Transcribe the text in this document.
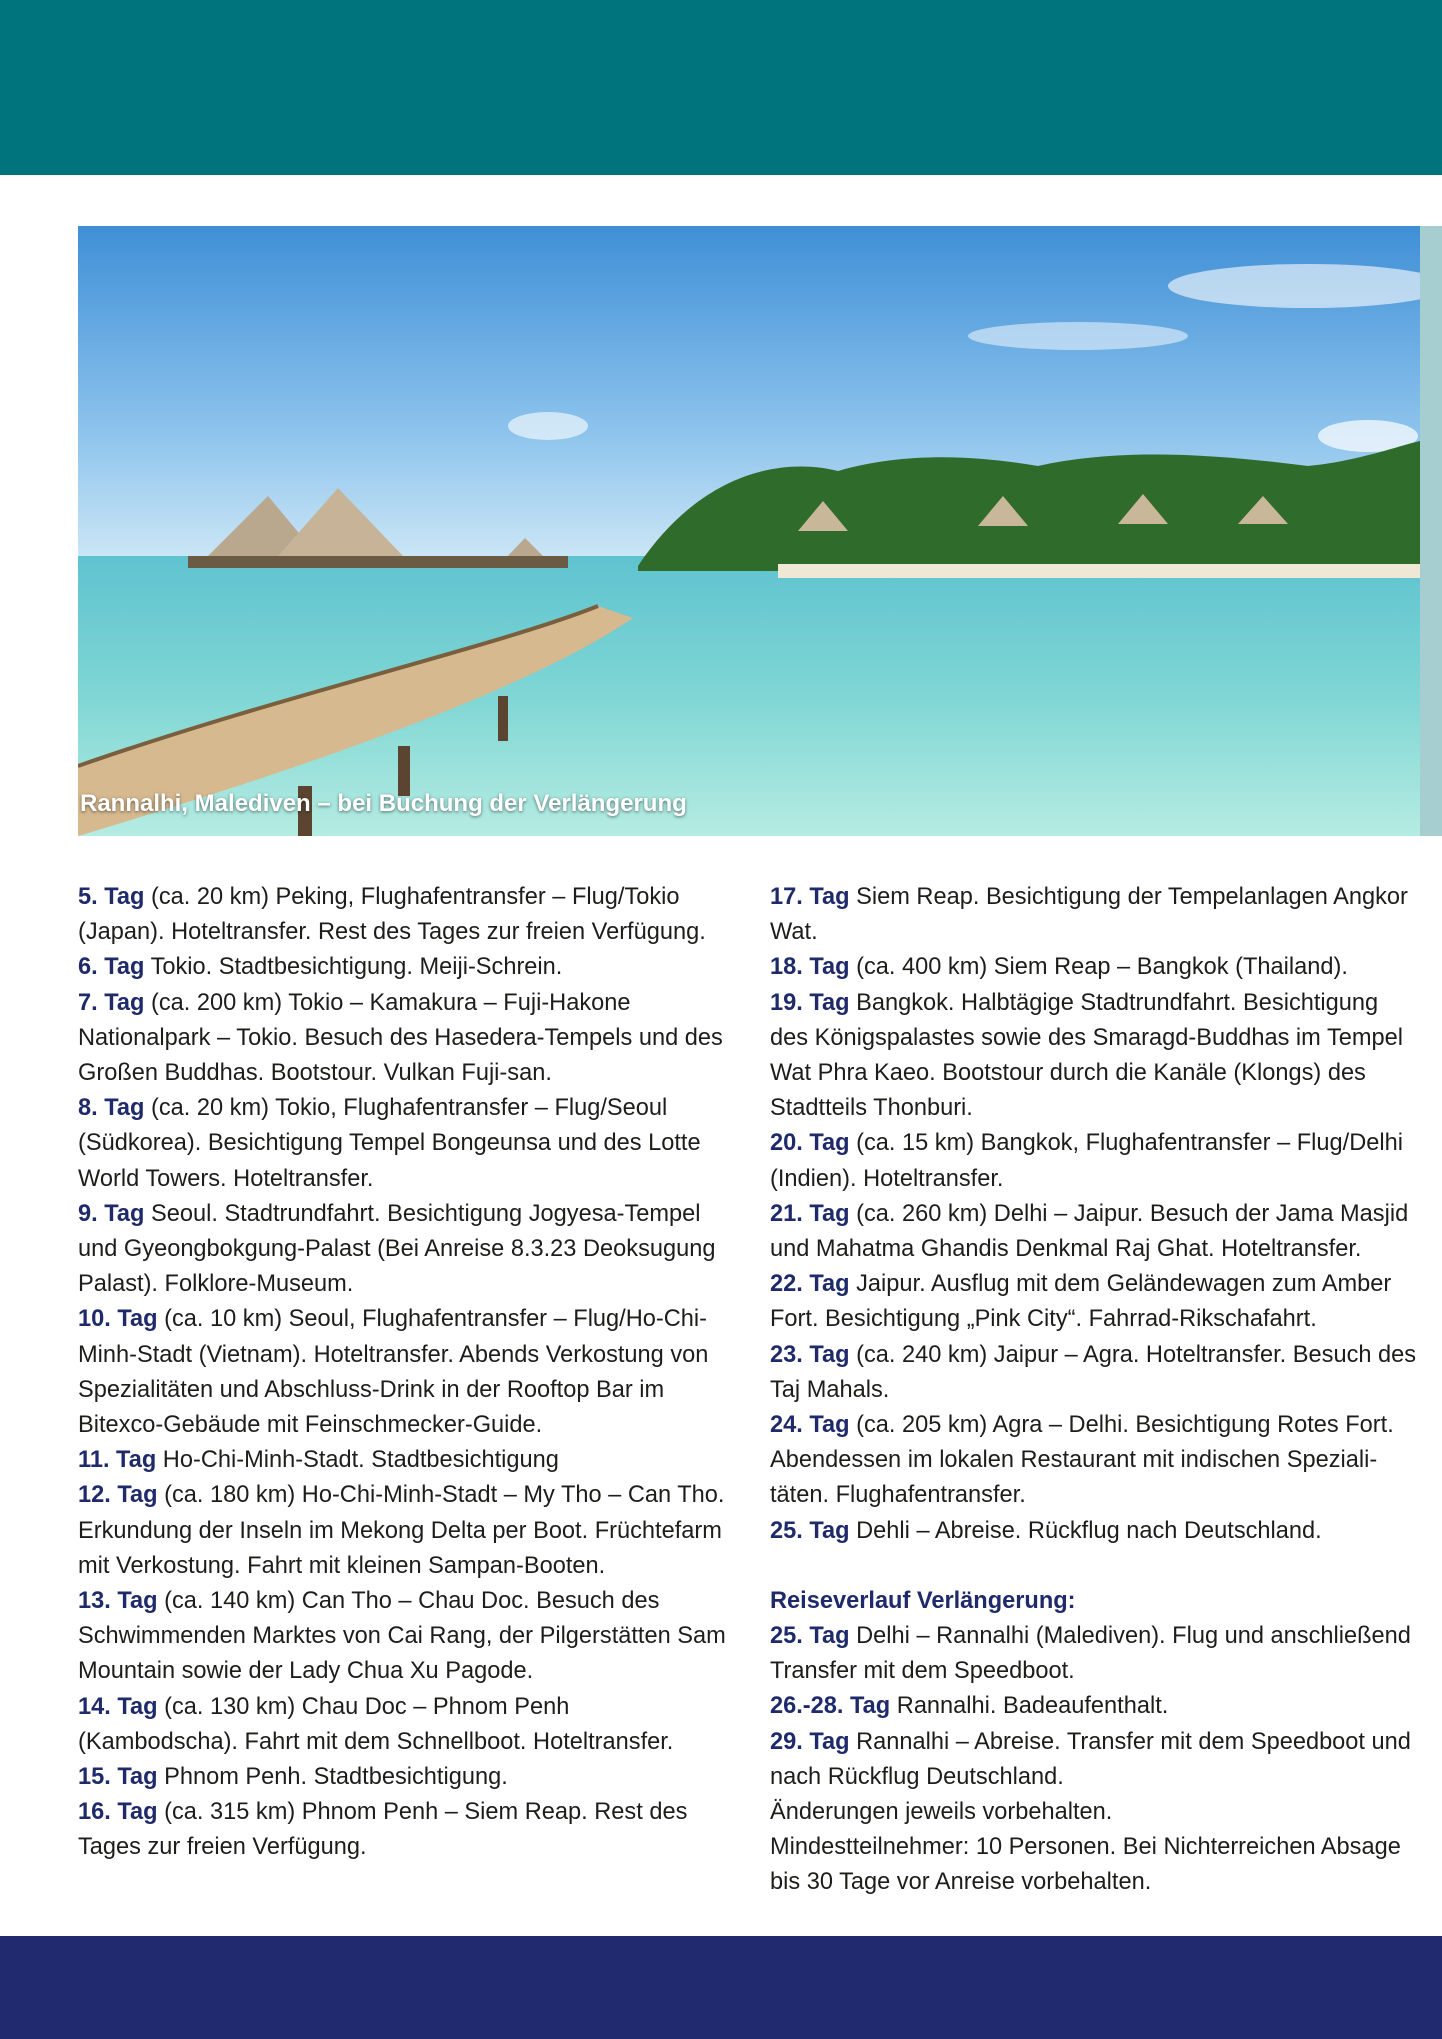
Rannalhi, Malediven – bei Buchung der Verlängerung

5. Tag (ca. 20 km) Peking, Flughafentransfer – Flug/Tokio (Japan). Hoteltransfer. Rest des Tages zur freien Verfügung.

6. Tag Tokio. Stadtbesichtigung. Meiji-Schrein.

7. Tag (ca. 200 km) Tokio – Kamakura – Fuji-Hakone Nationalpark – Tokio. Besuch des Hasedera-Tempels und des Großen Buddhas. Bootstour. Vulkan Fuji-san.

8. Tag (ca. 20 km) Tokio, Flughafentransfer – Flug/Seoul (Südkorea). Besichtigung Tempel Bongeunsa und des Lotte World Towers. Hoteltransfer.

9. Tag Seoul. Stadtrundfahrt. Besichtigung Jogyesa-Tempel und Gyeongbokgung-Palast (Bei Anreise 8.3.23 Deoksugung Palast). Folklore-Museum.

10. Tag (ca. 10 km) Seoul, Flughafentransfer – Flug/Ho-Chi-Minh-Stadt (Vietnam). Hoteltransfer. Abends Verkostung von Spezialitäten und Abschluss-Drink in der Rooftop Bar im Bitexco-Gebäude mit Feinschmecker-Guide.

11. Tag Ho-Chi-Minh-Stadt. Stadtbesichtigung

12. Tag (ca. 180 km) Ho-Chi-Minh-Stadt – My Tho – Can Tho. Erkundung der Inseln im Mekong Delta per Boot. Früchtefarm mit Verkostung. Fahrt mit kleinen Sampan-Booten.

13. Tag (ca. 140 km) Can Tho – Chau Doc. Besuch des Schwimmenden Marktes von Cai Rang, der Pilgerstätten Sam Mountain sowie der Lady Chua Xu Pagode.

14. Tag (ca. 130 km) Chau Doc – Phnom Penh (Kambodscha). Fahrt mit dem Schnellboot. Hoteltransfer.

15. Tag Phnom Penh. Stadtbesichtigung.

16. Tag (ca. 315 km) Phnom Penh – Siem Reap. Rest des Tages zur freien Verfügung.

17. Tag Siem Reap. Besichtigung der Tempelanlagen Angkor Wat.

18. Tag (ca. 400 km) Siem Reap – Bangkok (Thailand).

19. Tag Bangkok. Halbtägige Stadtrundfahrt. Besichtigung des Königspalastes sowie des Smaragd-Buddhas im Tempel Wat Phra Kaeo. Bootstour durch die Kanäle (Klongs) des Stadtteils Thonburi.

20. Tag (ca. 15 km) Bangkok, Flughafentransfer – Flug/Delhi (Indien). Hoteltransfer.

21. Tag (ca. 260 km) Delhi – Jaipur. Besuch der Jama Masjid und Mahatma Ghandis Denkmal Raj Ghat. Hoteltransfer.

22. Tag Jaipur. Ausflug mit dem Geländewagen zum Amber Fort. Besichtigung „Pink City“. Fahrrad-Rikschafahrt.

23. Tag (ca. 240 km) Jaipur – Agra. Hoteltransfer. Besuch des Taj Mahals.

24. Tag (ca. 205 km) Agra – Delhi. Besichtigung Rotes Fort. Abendessen im lokalen Restaurant mit indischen Speziali-täten. Flughafentransfer.

25. Tag Dehli – Abreise. Rückflug nach Deutschland.

Reiseverlauf Verlängerung:

25. Tag Delhi – Rannalhi (Malediven). Flug und anschließend Transfer mit dem Speedboot.

26.-28. Tag Rannalhi. Badeaufenthalt.

29. Tag Rannalhi – Abreise. Transfer mit dem Speedboot und nach Rückflug Deutschland.

Änderungen jeweils vorbehalten.

Mindestteilnehmer: 10 Personen. Bei Nichterreichen Absage bis 30 Tage vor Anreise vorbehalten.
